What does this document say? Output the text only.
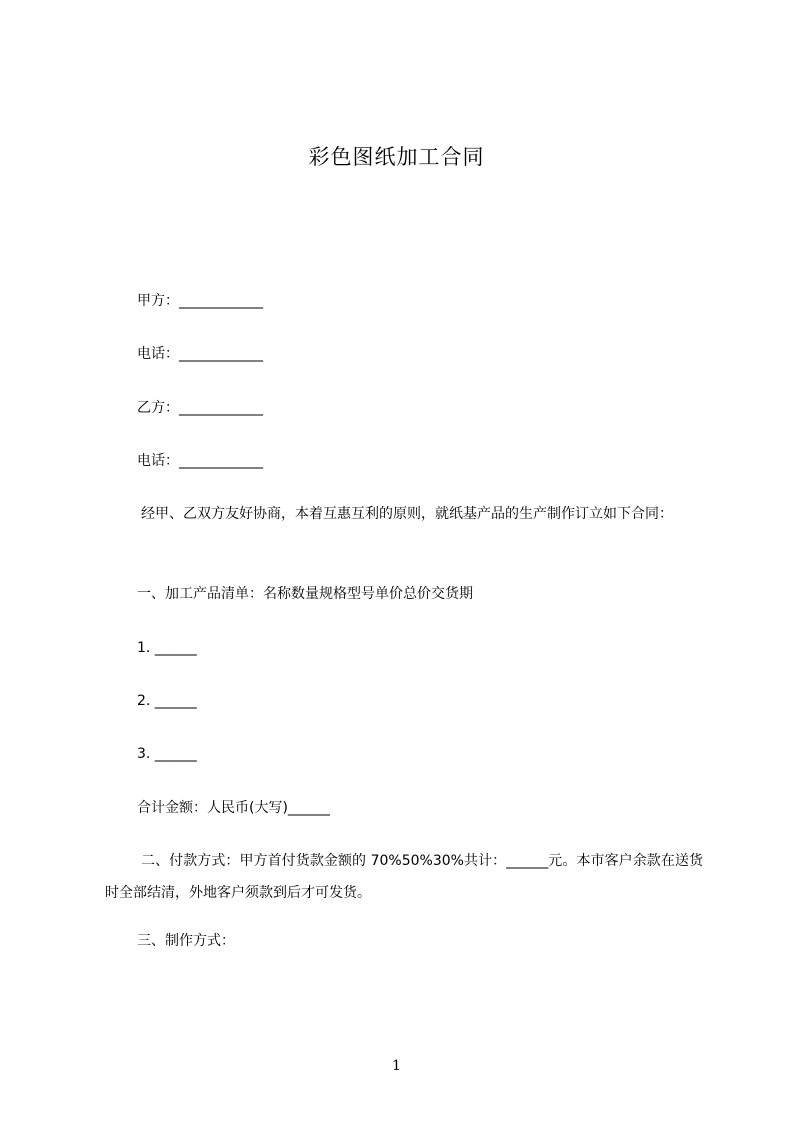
彩色图纸加工合同
甲方：____________
电话：____________
乙方：____________
电话：____________
经甲、乙双方友好协商，本着互惠互利的原则，就纸基产品的生产制作订立如下合同：
一、加工产品清单：名称数量规格型号单价总价交货期
1. ______
2. ______
3. ______
合计金额：人民币(大写)______
二、付款方式：甲方首付货款金额的 70%50%30%共计：______元。本市客户余款在送货时全部结清，外地客户须款到后才可发货。
三、制作方式：
1
